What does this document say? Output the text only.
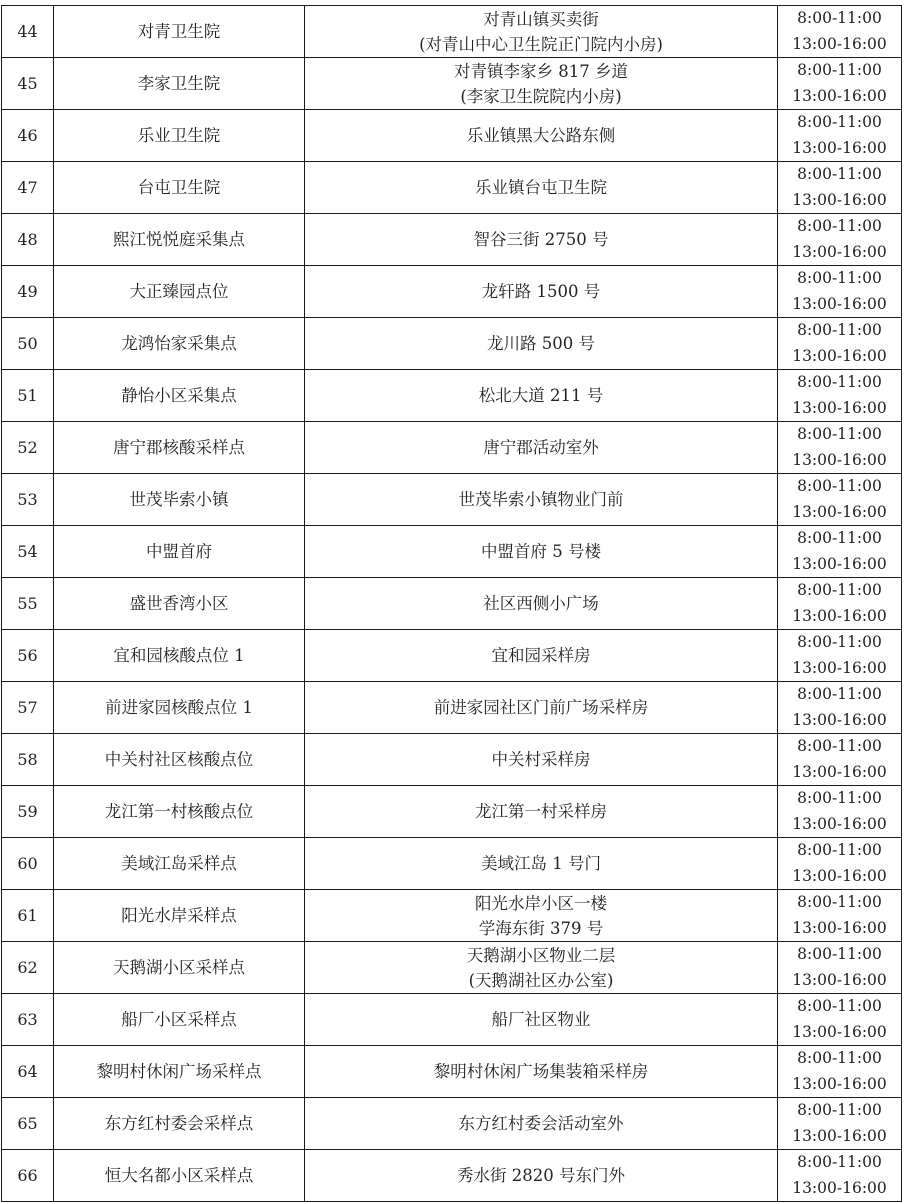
44	对青卫生院	对青山镇买卖街
(对青山中心卫生院正门院内小房)	8:00-11:00
13:00-16:00

45	李家卫生院	对青镇李家乡 817 乡道
(李家卫生院院内小房)	8:00-11:00
13:00-16:00

46	乐业卫生院	乐业镇黑大公路东侧	8:00-11:00
13:00-16:00

47	台屯卫生院	乐业镇台屯卫生院	8:00-11:00
13:00-16:00

48	熙江悦悦庭采集点	智谷三街 2750 号	8:00-11:00
13:00-16:00

49	大正臻园点位	龙轩路 1500 号	8:00-11:00
13:00-16:00

50	龙鸿怡家采集点	龙川路 500 号	8:00-11:00
13:00-16:00

51	静怡小区采集点	松北大道 211 号	8:00-11:00
13:00-16:00

52	唐宁郡核酸采样点	唐宁郡活动室外	8:00-11:00
13:00-16:00

53	世茂毕索小镇	世茂毕索小镇物业门前	8:00-11:00
13:00-16:00

54	中盟首府	中盟首府 5 号楼	8:00-11:00
13:00-16:00

55	盛世香湾小区	社区西侧小广场	8:00-11:00
13:00-16:00

56	宜和园核酸点位 1	宜和园采样房	8:00-11:00
13:00-16:00

57	前进家园核酸点位 1	前进家园社区门前广场采样房	8:00-11:00
13:00-16:00

58	中关村社区核酸点位	中关村采样房	8:00-11:00
13:00-16:00

59	龙江第一村核酸点位	龙江第一村采样房	8:00-11:00
13:00-16:00

60	美域江岛采样点	美域江岛 1 号门	8:00-11:00
13:00-16:00

61	阳光水岸采样点	阳光水岸小区一楼
学海东街 379 号	8:00-11:00
13:00-16:00

62	天鹅湖小区采样点	天鹅湖小区物业二层
(天鹅湖社区办公室)	8:00-11:00
13:00-16:00

63	船厂小区采样点	船厂社区物业	8:00-11:00
13:00-16:00

64	黎明村休闲广场采样点	黎明村休闲广场集装箱采样房	8:00-11:00
13:00-16:00

65	东方红村委会采样点	东方红村委会活动室外	8:00-11:00
13:00-16:00

66	恒大名都小区采样点	秀水街 2820 号东门外	8:00-11:00
13:00-16:00
